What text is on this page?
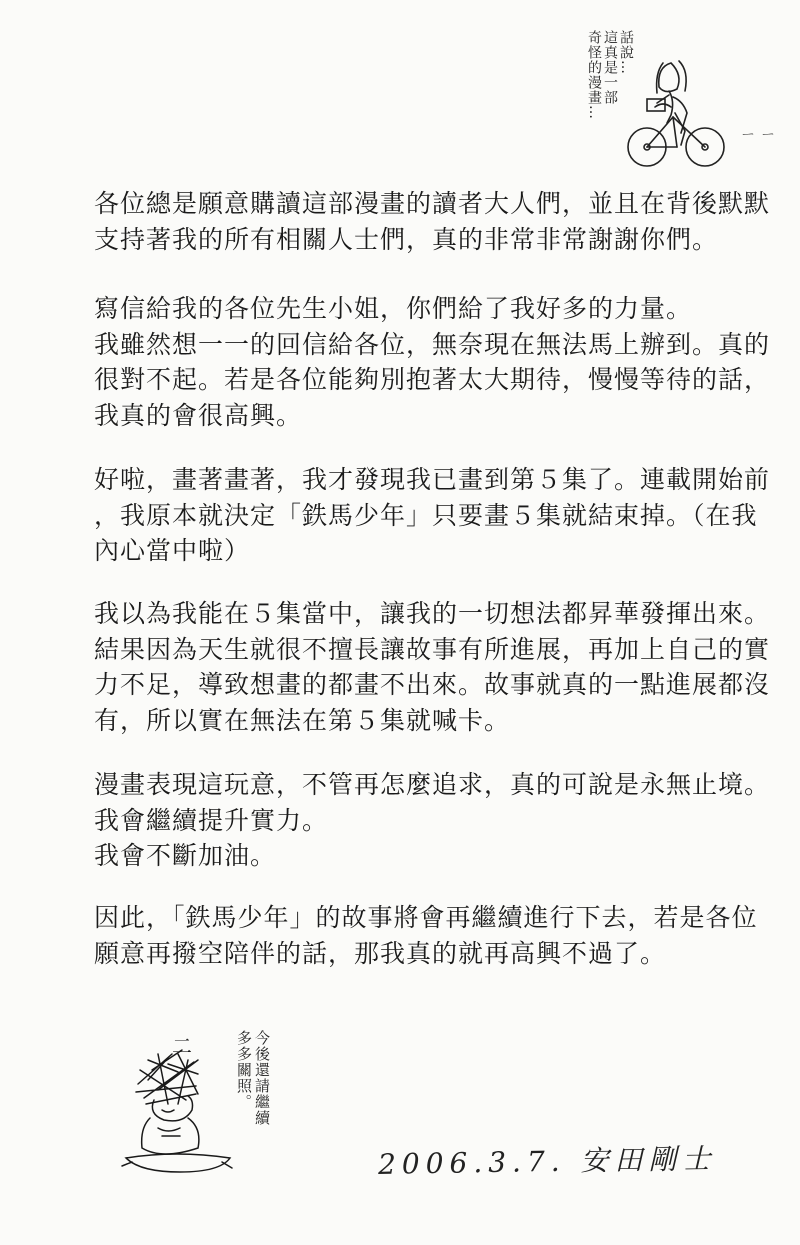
話說…
這真是一部
奇怪的漫畫…
ㄧㄧ

各位總是願意購讀這部漫畫的讀者大人們，並且在背後默默
支持著我的所有相關人士們，真的非常非常謝謝你們。

寫信給我的各位先生小姐，你們給了我好多的力量。
我雖然想一一的回信給各位，無奈現在無法馬上辦到。真的
很對不起。若是各位能夠別抱著太大期待，慢慢等待的話，
我真的會很高興。

好啦，畫著畫著，我才發現我已畫到第５集了。連載開始前
，我原本就決定「鉄馬少年」只要畫５集就結束掉。（在我
內心當中啦）

我以為我能在５集當中，讓我的一切想法都昇華發揮出來。
結果因為天生就很不擅長讓故事有所進展，再加上自己的實
力不足，導致想畫的都畫不出來。故事就真的一點進展都沒
有，所以實在無法在第５集就喊卡。

漫畫表現這玩意，不管再怎麼追求，真的可說是永無止境。
我會繼續提升實力。
我會不斷加油。

因此，「鉄馬少年」的故事將會再繼續進行下去，若是各位
願意再撥空陪伴的話，那我真的就再高興不過了。

二	今後還請繼續
多多關照。
2006.3.7. 安田剛士
